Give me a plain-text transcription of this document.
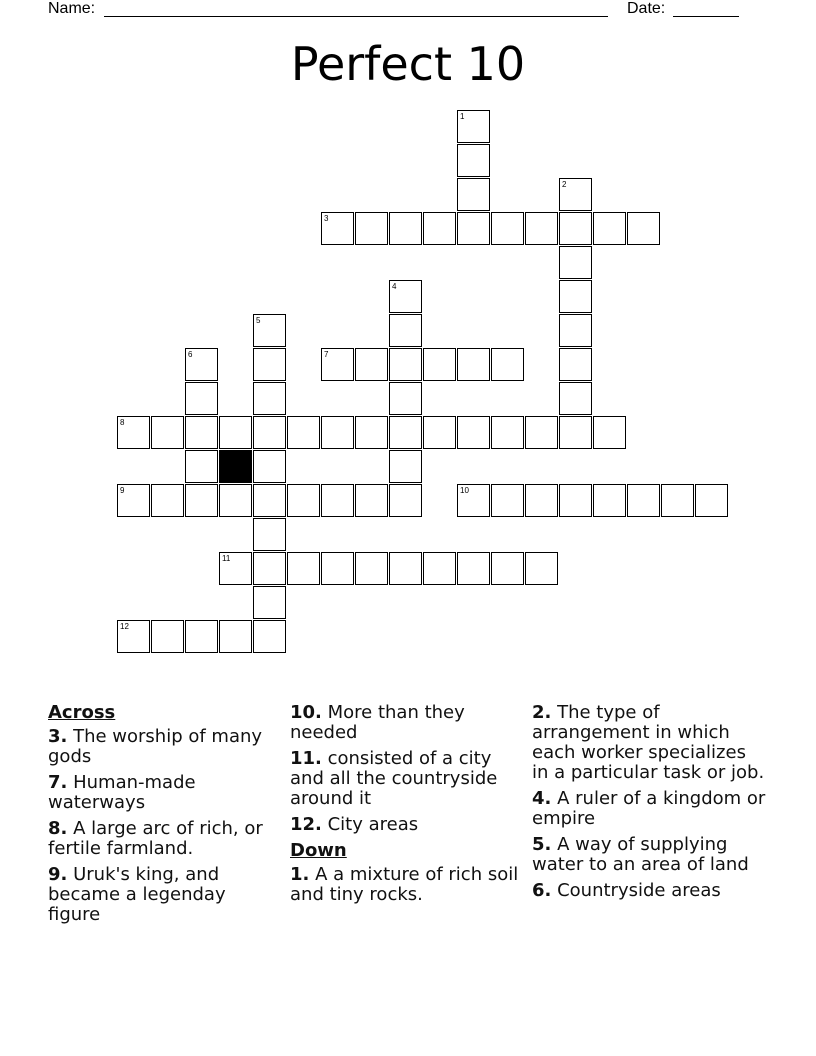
Name:	Date:
Perfect 10
1
2
3
4
5
6	7
8
9	10
11
12
Across
3. The worship of many gods
7. Human-made waterways
8. A large arc of rich, or fertile farmland.
9. Uruk's king, and became a legenday figure
10. More than they needed
11. consisted of a city and all the countryside around it
12. City areas
Down
1. A a mixture of rich soil and tiny rocks.
2. The type of arrangement in which each worker specializes in a particular task or job.
4. A ruler of a kingdom or empire
5. A way of supplying water to an area of land
6. Countryside areas
